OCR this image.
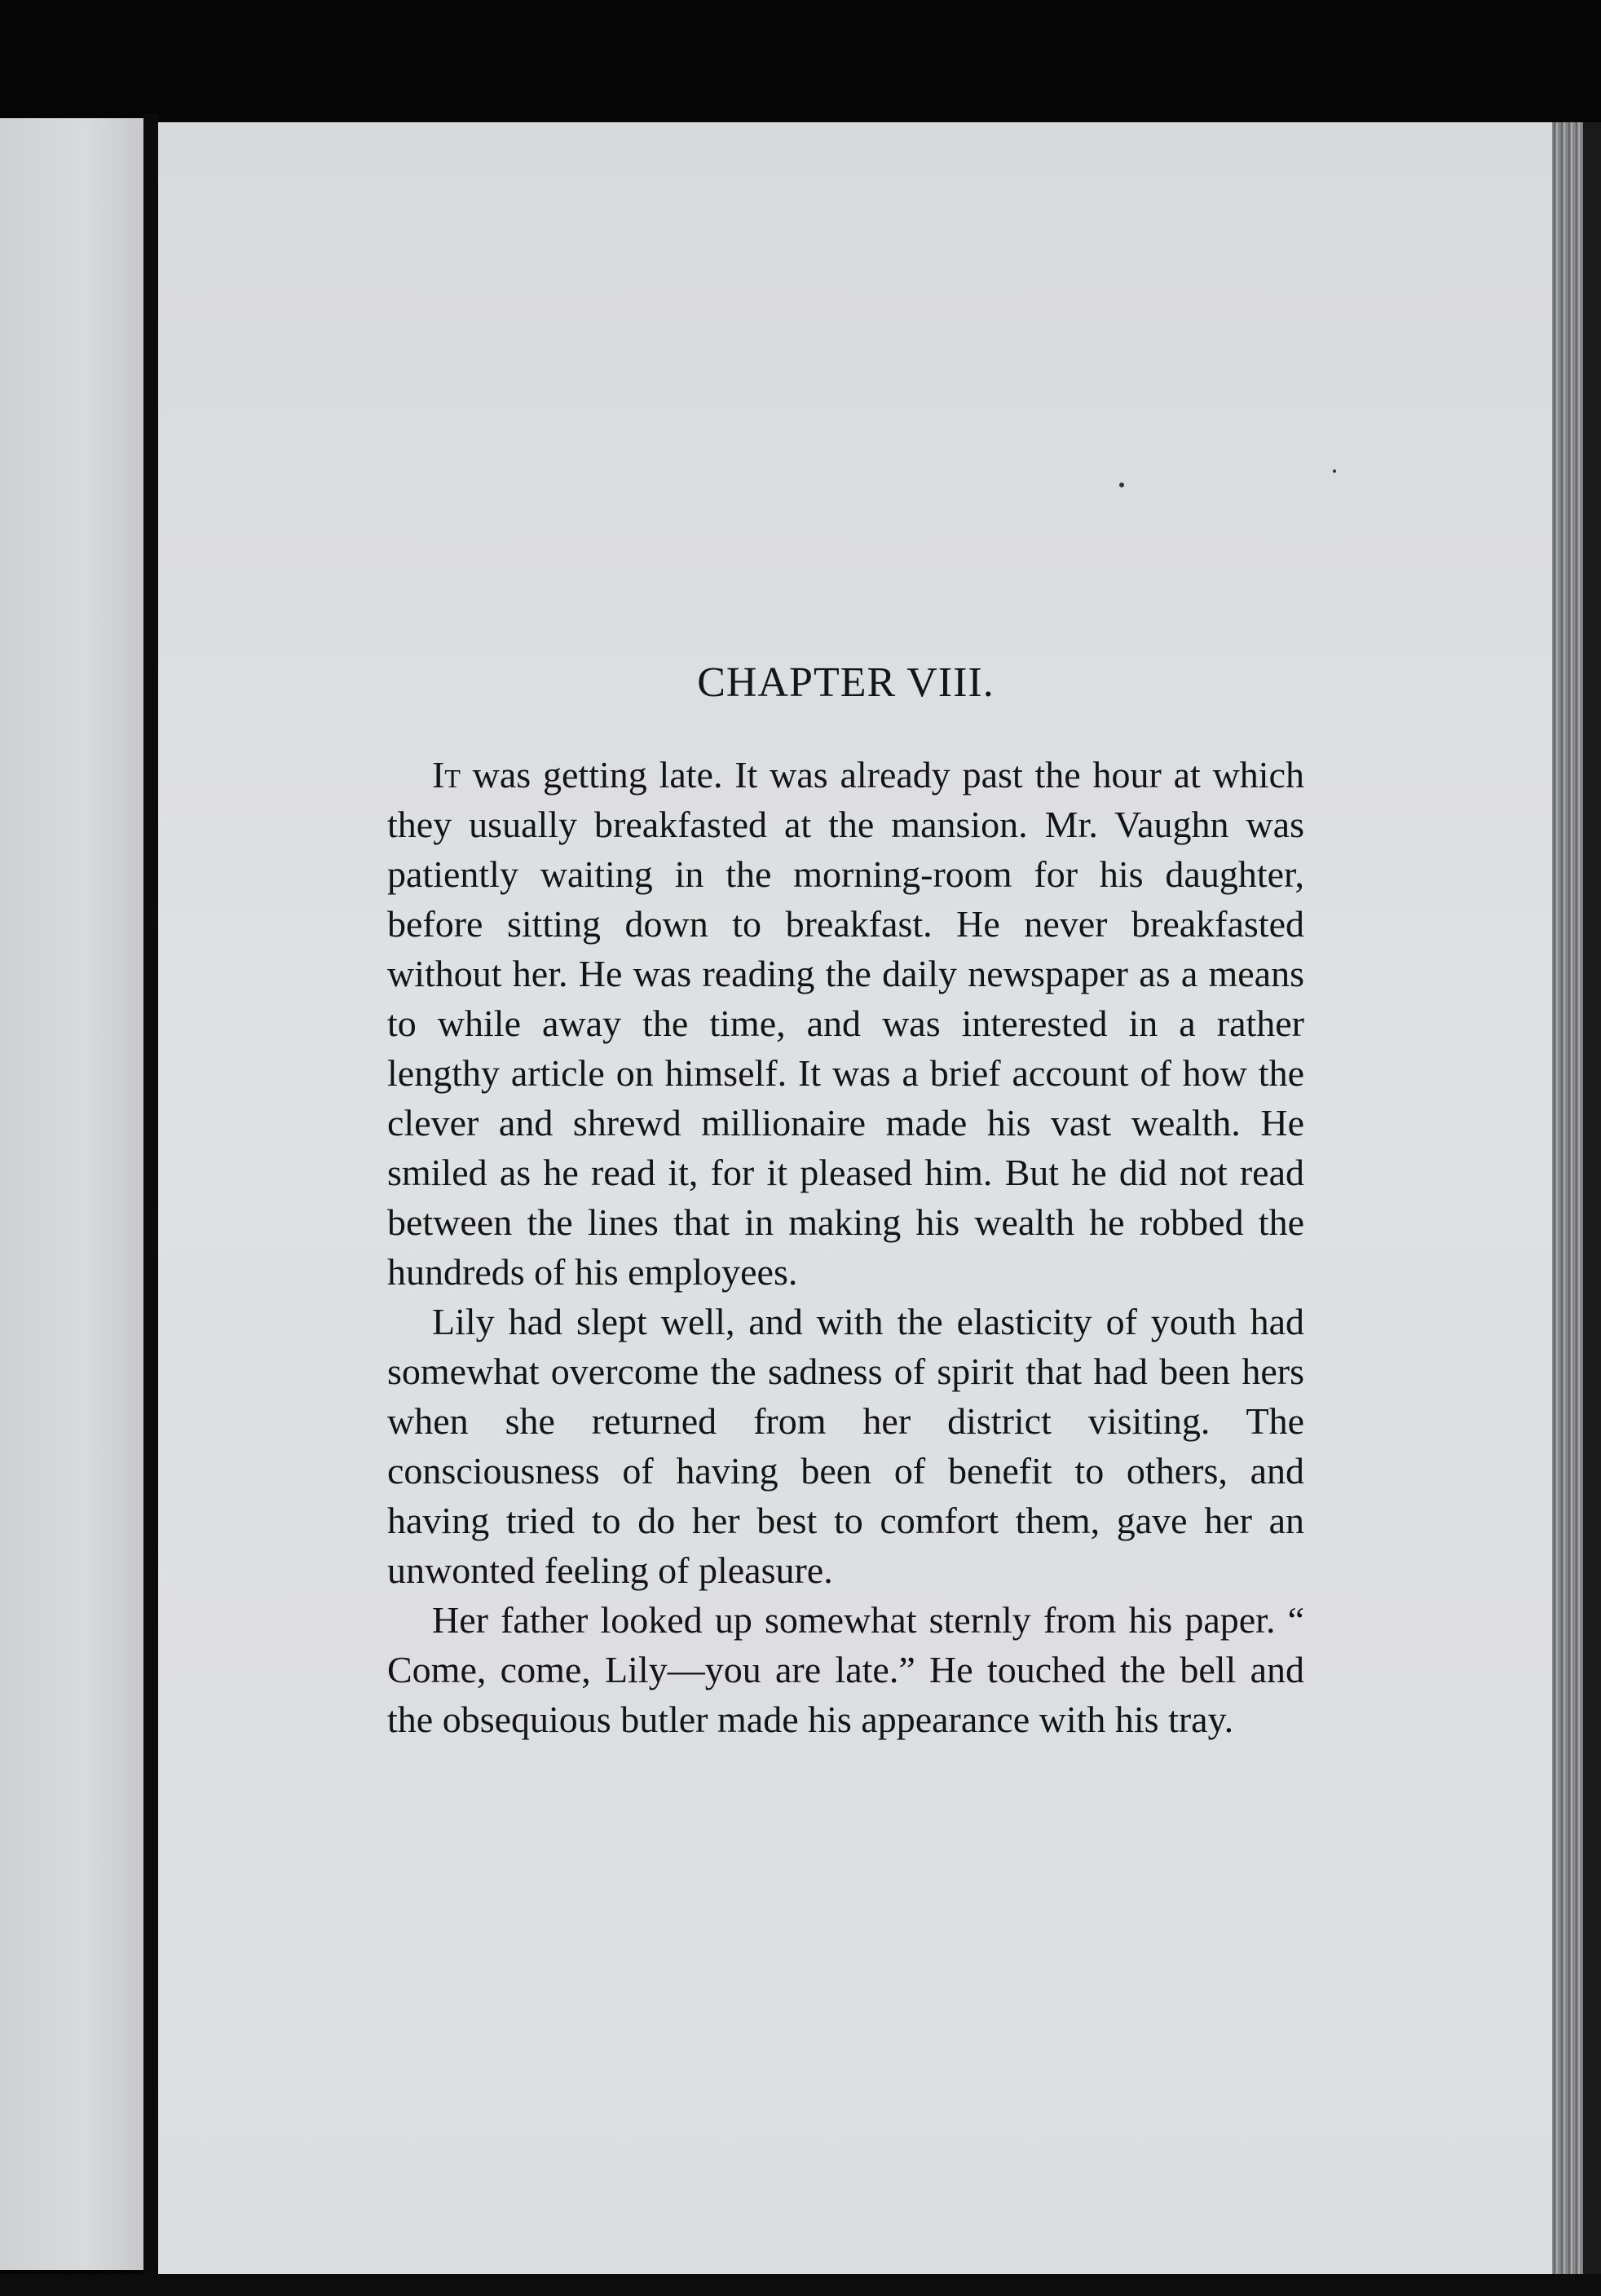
CHAPTER VIII.

It was getting late. It was already past the hour at which they usually breakfasted at the mansion. Mr. Vaughn was patiently waiting in the morning-room for his daughter, before sitting down to breakfast. He never breakfasted without her. He was reading the daily newspaper as a means to while away the time, and was interested in a rather lengthy article on himself. It was a brief account of how the clever and shrewd millionaire made his vast wealth. He smiled as he read it, for it pleased him. But he did not read between the lines that in making his wealth he robbed the hundreds of his employees.

Lily had slept well, and with the elasticity of youth had somewhat overcome the sadness of spirit that had been hers when she returned from her district visiting. The consciousness of having been of benefit to others, and having tried to do her best to comfort them, gave her an unwonted feeling of pleasure.

Her father looked up somewhat sternly from his paper. “ Come, come, Lily—you are late.” He touched the bell and the obsequious butler made his appearance with his tray.
